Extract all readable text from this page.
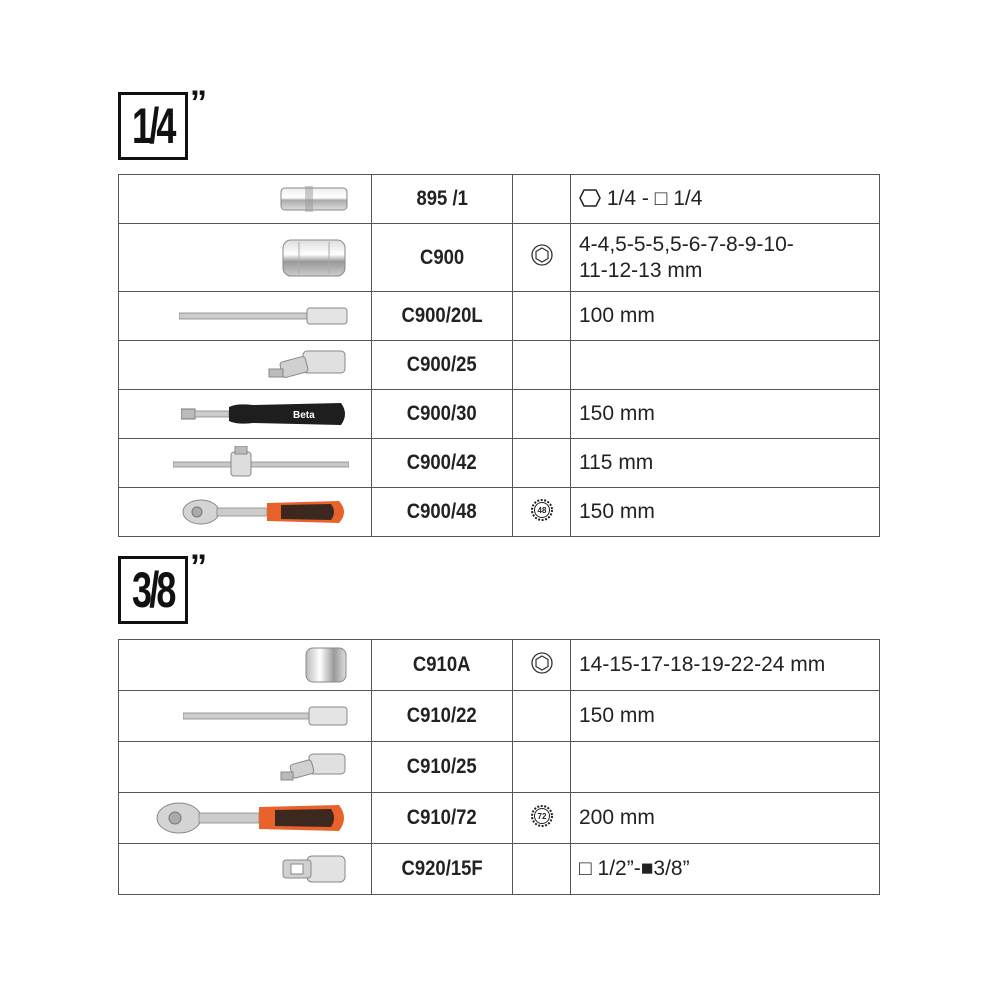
1/4 ”
	895 /1		1/4 - □ 1/4

	C900		4-4,5-5-5,5-6-7-8-9-10-
11-12-13 mm

	C900/20L		100 mm

	C900/25		

Beta	C900/30		150 mm

	C900/42		115 mm

	C900/48	48	150 mm
3/8 ”
	C910A		14-15-17-18-19-22-24 mm

	C910/22		150 mm

	C910/25		

	C910/72	72	200 mm

	C920/15F		□ 1/2”-■3/8”
